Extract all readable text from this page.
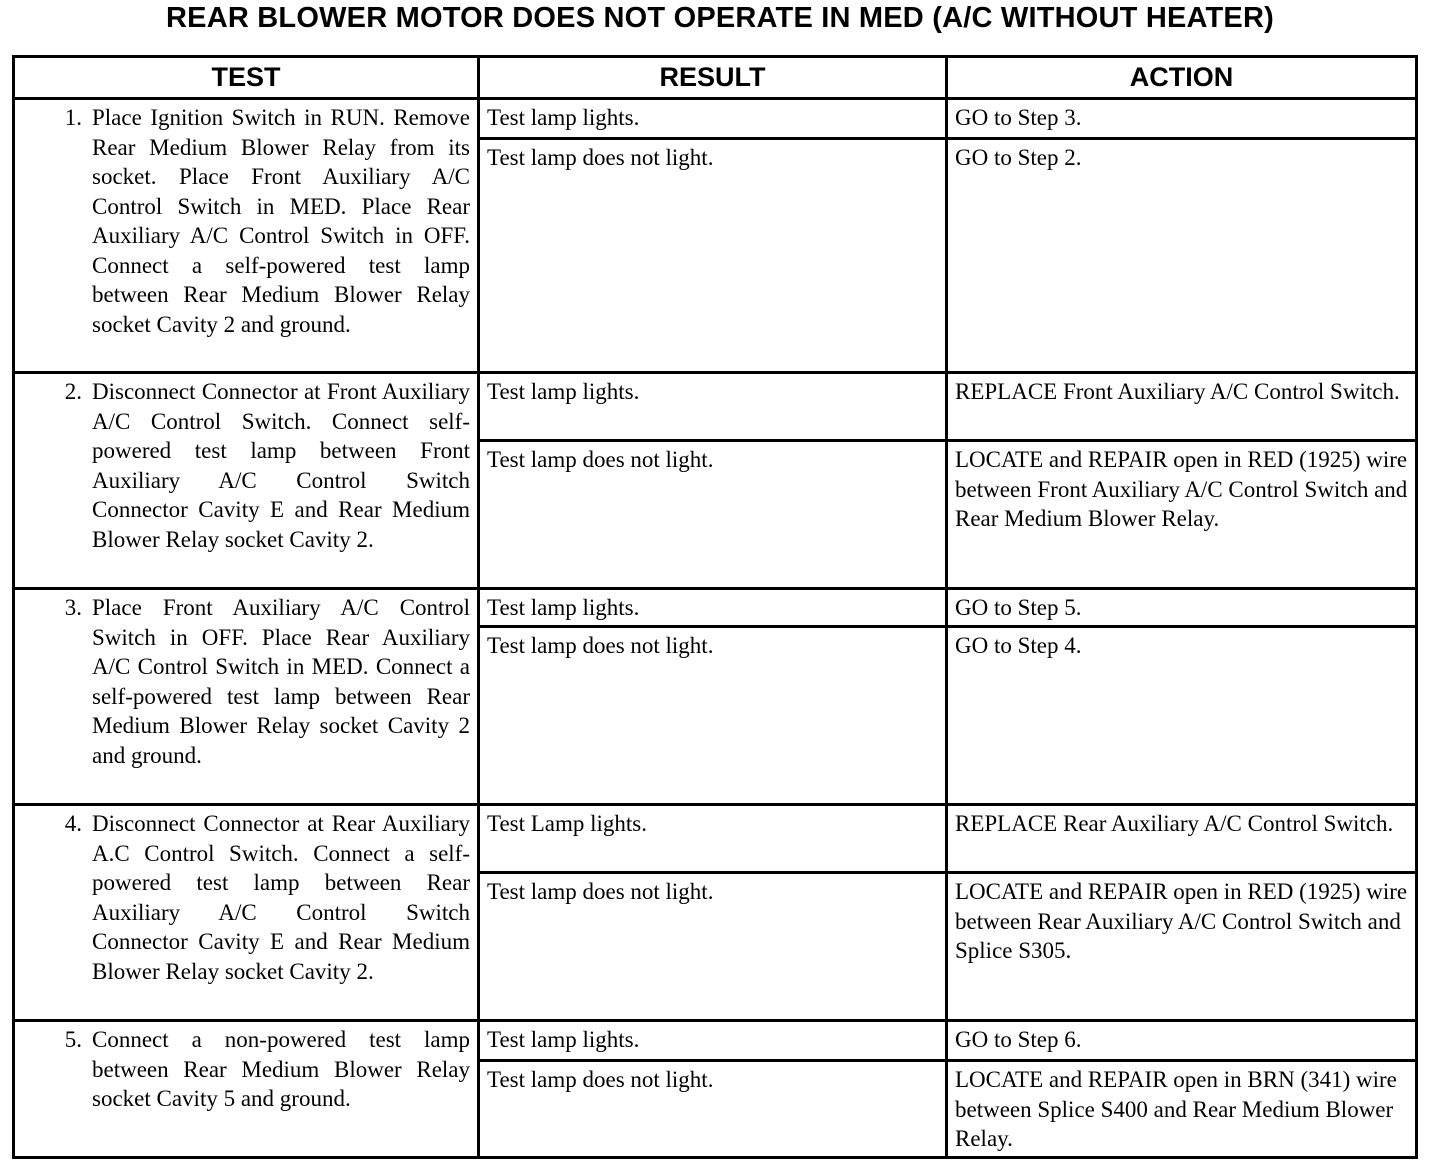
REAR BLOWER MOTOR DOES NOT OPERATE IN MED (A/C WITHOUT HEATER)
TEST	RESULT	ACTION

1. Place Ignition Switch in RUN. Remove Rear Medium Blower Relay from its socket. Place Front Auxiliary A/C Control Switch in MED. Place Rear Auxiliary A/C Control Switch in OFF. Connect a self-powered test lamp between Rear Medium Blower Relay socket Cavity 2 and ground.	Test lamp lights.	GO to Step 3.
	Test lamp does not light.	GO to Step 2.

2. Disconnect Connector at Front Auxiliary A/C Control Switch. Connect self- powered test lamp between Front Auxiliary A/C Control Switch Connector Cavity E and Rear Medium Blower Relay socket Cavity 2.	Test lamp lights.	REPLACE Front Auxiliary A/C Control Switch.
	Test lamp does not light.	LOCATE and REPAIR open in RED (1925) wire between Front Auxiliary A/C Control Switch and Rear Medium Blower Relay.

3. Place Front Auxiliary A/C Control Switch in OFF. Place Rear Auxiliary A/C Control Switch in MED. Connect a self-powered test lamp between Rear Medium Blower Relay socket Cavity 2 and ground.	Test lamp lights.	GO to Step 5.
	Test lamp does not light.	GO to Step 4.

4. Disconnect Connector at Rear Auxiliary A.C Control Switch. Connect a self-powered test lamp between Rear Auxiliary A/C Control Switch Connector Cavity E and Rear Medium Blower Relay socket Cavity 2.	Test Lamp lights.	REPLACE Rear Auxiliary A/C Control Switch.
	Test lamp does not light.	LOCATE and REPAIR open in RED (1925) wire between Rear Auxiliary A/C Control Switch and Splice S305.

5. Connect a non-powered test lamp between Rear Medium Blower Relay socket Cavity 5 and ground.	Test lamp lights.	GO to Step 6.
	Test lamp does not light.	LOCATE and REPAIR open in BRN (341) wire between Splice S400 and Rear Medium Blower Relay.
